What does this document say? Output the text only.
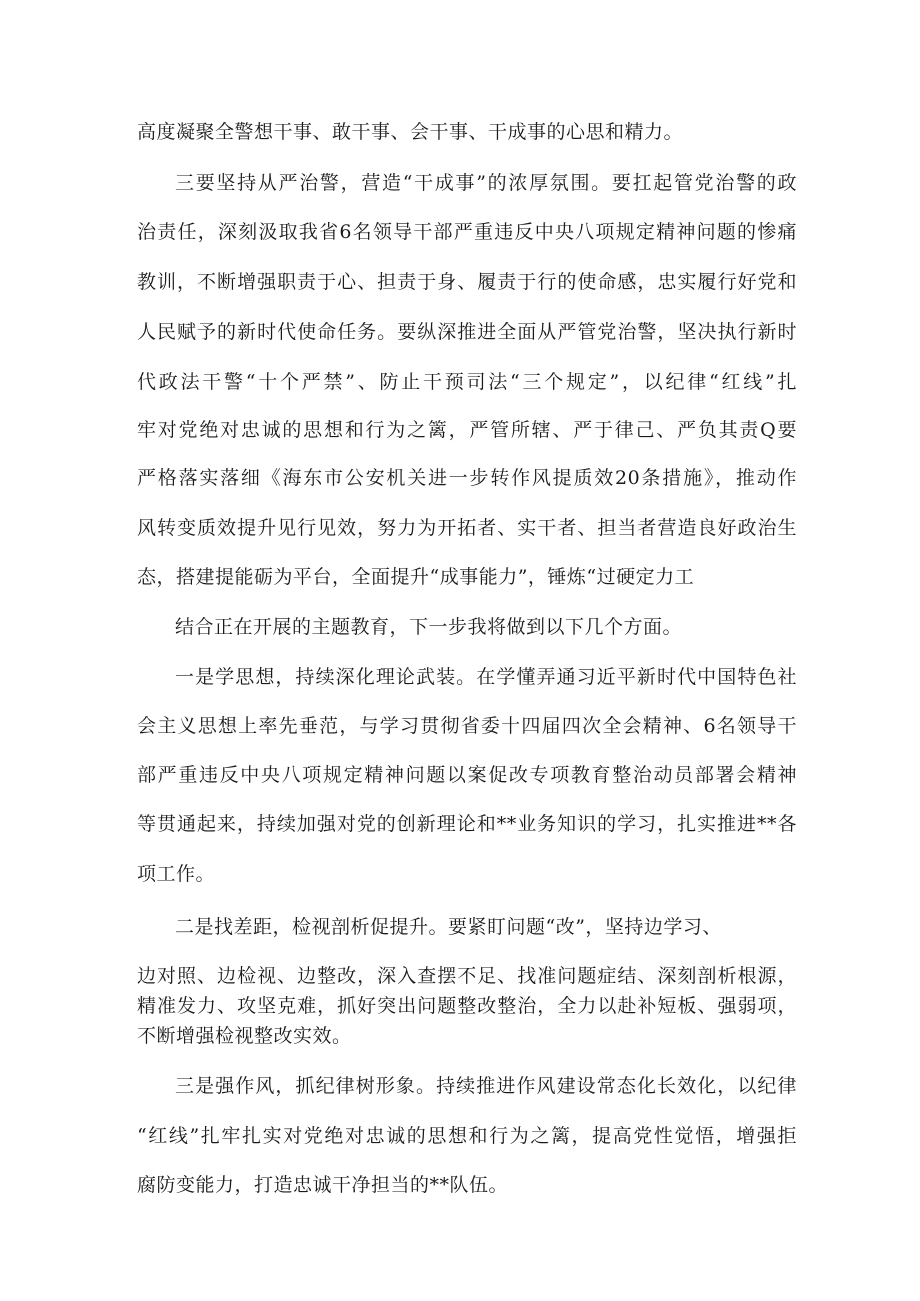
高度凝聚全警想干事、敢干事、会干事、干成事的心思和精力。
三要坚持从严治警，营造“干成事”的浓厚氛围。要扛起管党治警的政
治责任，深刻汲取我省6名领导干部严重违反中央八项规定精神问题的惨痛
教训，不断增强职责于心、担责于身、履责于行的使命感，忠实履行好党和
人民赋予的新时代使命任务。要纵深推进全面从严管党治警，坚决执行新时
代政法干警“十个严禁”、防止干预司法“三个规定”，以纪律“红线”扎
牢对党绝对忠诚的思想和行为之篱，严管所辖、严于律己、严负其责Q要
严格落实落细《海东市公安机关进一步转作风提质效20条措施》，推动作
风转变质效提升见行见效，努力为开拓者、实干者、担当者营造良好政治生
态，搭建提能砺为平台，全面提升“成事能力”，锤炼“过硬定力工
结合正在开展的主题教育，下一步我将做到以下几个方面。
一是学思想，持续深化理论武装。在学懂弄通习近平新时代中国特色社
会主义思想上率先垂范，与学习贯彻省委十四届四次全会精神、6名领导干
部严重违反中央八项规定精神问题以案促改专项教育整治动员部署会精神
等贯通起来，持续加强对党的创新理论和**业务知识的学习，扎实推进**各
项工作。
二是找差距，检视剖析促提升。要紧盯问题“改”，坚持边学习、
边对照、边检视、边整改，深入查摆不足、找准问题症结、深刻剖析根源，
精准发力、攻坚克难，抓好突出问题整改整治，全力以赴补短板、强弱项，
不断增强检视整改实效。
三是强作风，抓纪律树形象。持续推进作风建设常态化长效化，以纪律
“红线”扎牢扎实对党绝对忠诚的思想和行为之篱，提高党性觉悟，增强拒
腐防变能力，打造忠诚干净担当的**队伍。
